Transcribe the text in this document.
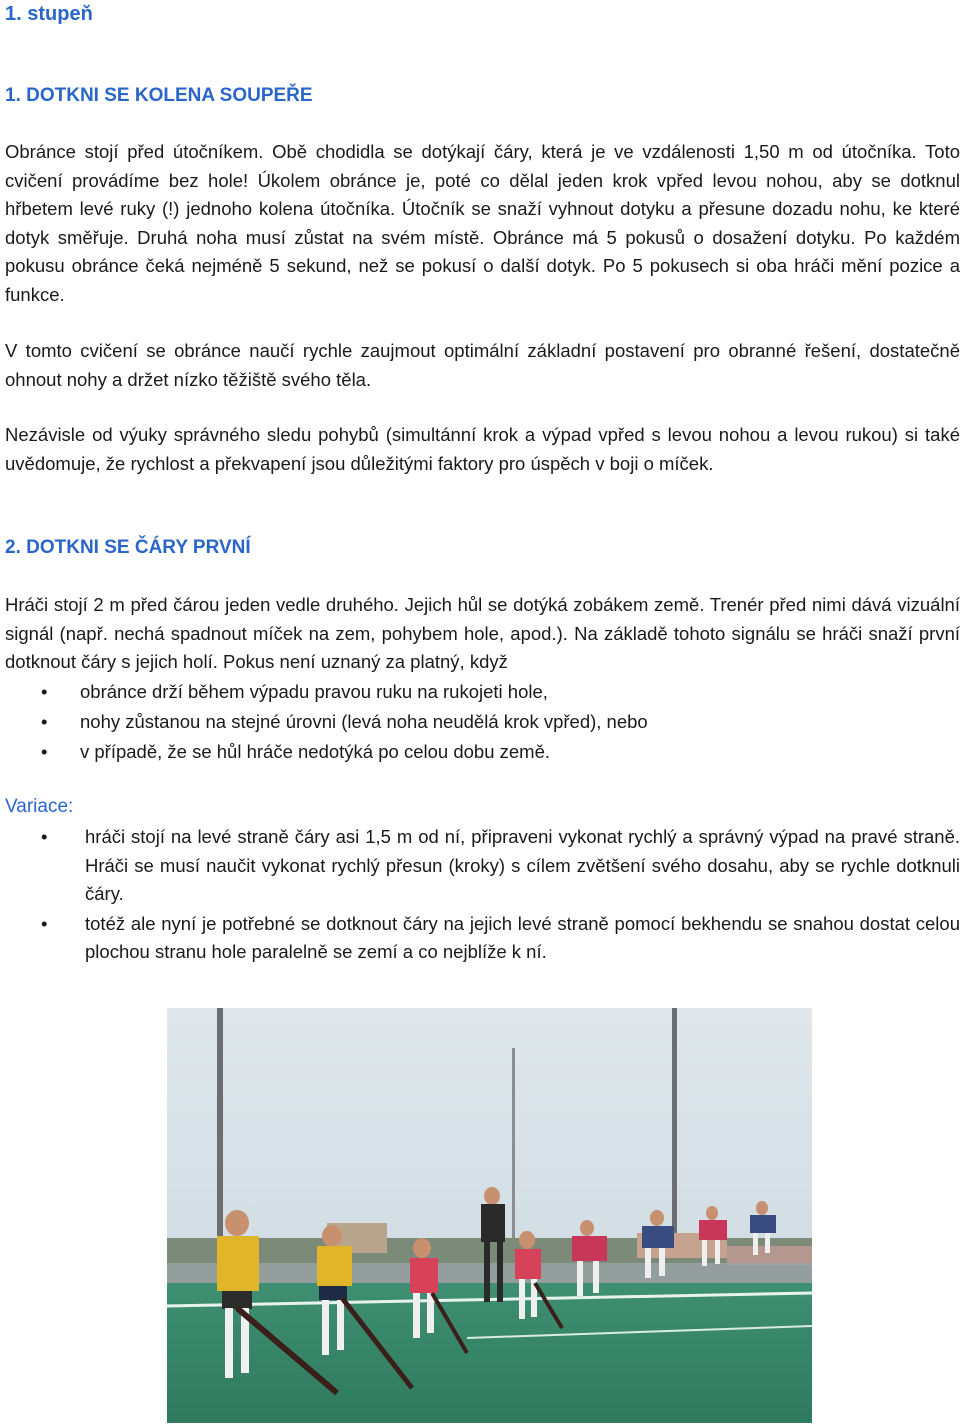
1. stupeň
1. DOTKNI SE KOLENA SOUPEŘE

Obránce stojí před útočníkem. Obě chodidla se dotýkají čáry, která je ve vzdálenosti 1,50 m od útočníka. Toto cvičení provádíme bez hole! Úkolem obránce je, poté co dělal jeden krok vpřed levou nohou, aby se dotknul hřbetem levé ruky (!) jednoho kolena útočníka. Útočník se snaží vyhnout dotyku a přesune dozadu nohu, ke které dotyk směřuje. Druhá noha musí zůstat na svém místě. Obránce má 5 pokusů o dosažení dotyku. Po každém pokusu obránce čeká nejméně 5 sekund, než se pokusí o další dotyk. Po 5 pokusech si oba hráči mění pozice a funkce.

V tomto cvičení se obránce naučí rychle zaujmout optimální základní postavení pro obranné řešení, dostatečně ohnout nohy a držet nízko těžiště svého těla.

Nezávisle od výuky správného sledu pohybů (simultánní krok a výpad vpřed s levou nohou a levou rukou) si také uvědomuje, že rychlost a překvapení jsou důležitými faktory pro úspěch v boji o míček.

2. DOTKNI SE ČÁRY PRVNÍ

Hráči stojí 2 m před čárou jeden vedle druhého. Jejich hůl se dotýká zobákem země. Trenér před nimi dává vizuální signál (např. nechá spadnout míček na zem, pohybem hole, apod.). Na základě tohoto signálu se hráči snaží první dotknout čáry s jejich holí. Pokus není uznaný za platný, když

• obránce drží během výpadu pravou ruku na rukojeti hole,
• nohy zůstanou na stejné úrovni (levá noha neudělá krok vpřed), nebo
• v případě, že se hůl hráče nedotýká po celou dobu země.
Variace:
• hráči stojí na levé straně čáry asi 1,5 m od ní, připraveni vykonat rychlý a správný výpad na pravé straně. Hráči se musí naučit vykonat rychlý přesun (kroky) s cílem zvětšení svého dosahu, aby se rychle dotknuli čáry.
• totéž ale nyní je potřebné se dotknout čáry na jejich levé straně pomocí bekhendu se snahou dostat celou plochou stranu hole paralelně se zemí a co nejblíže k ní.
